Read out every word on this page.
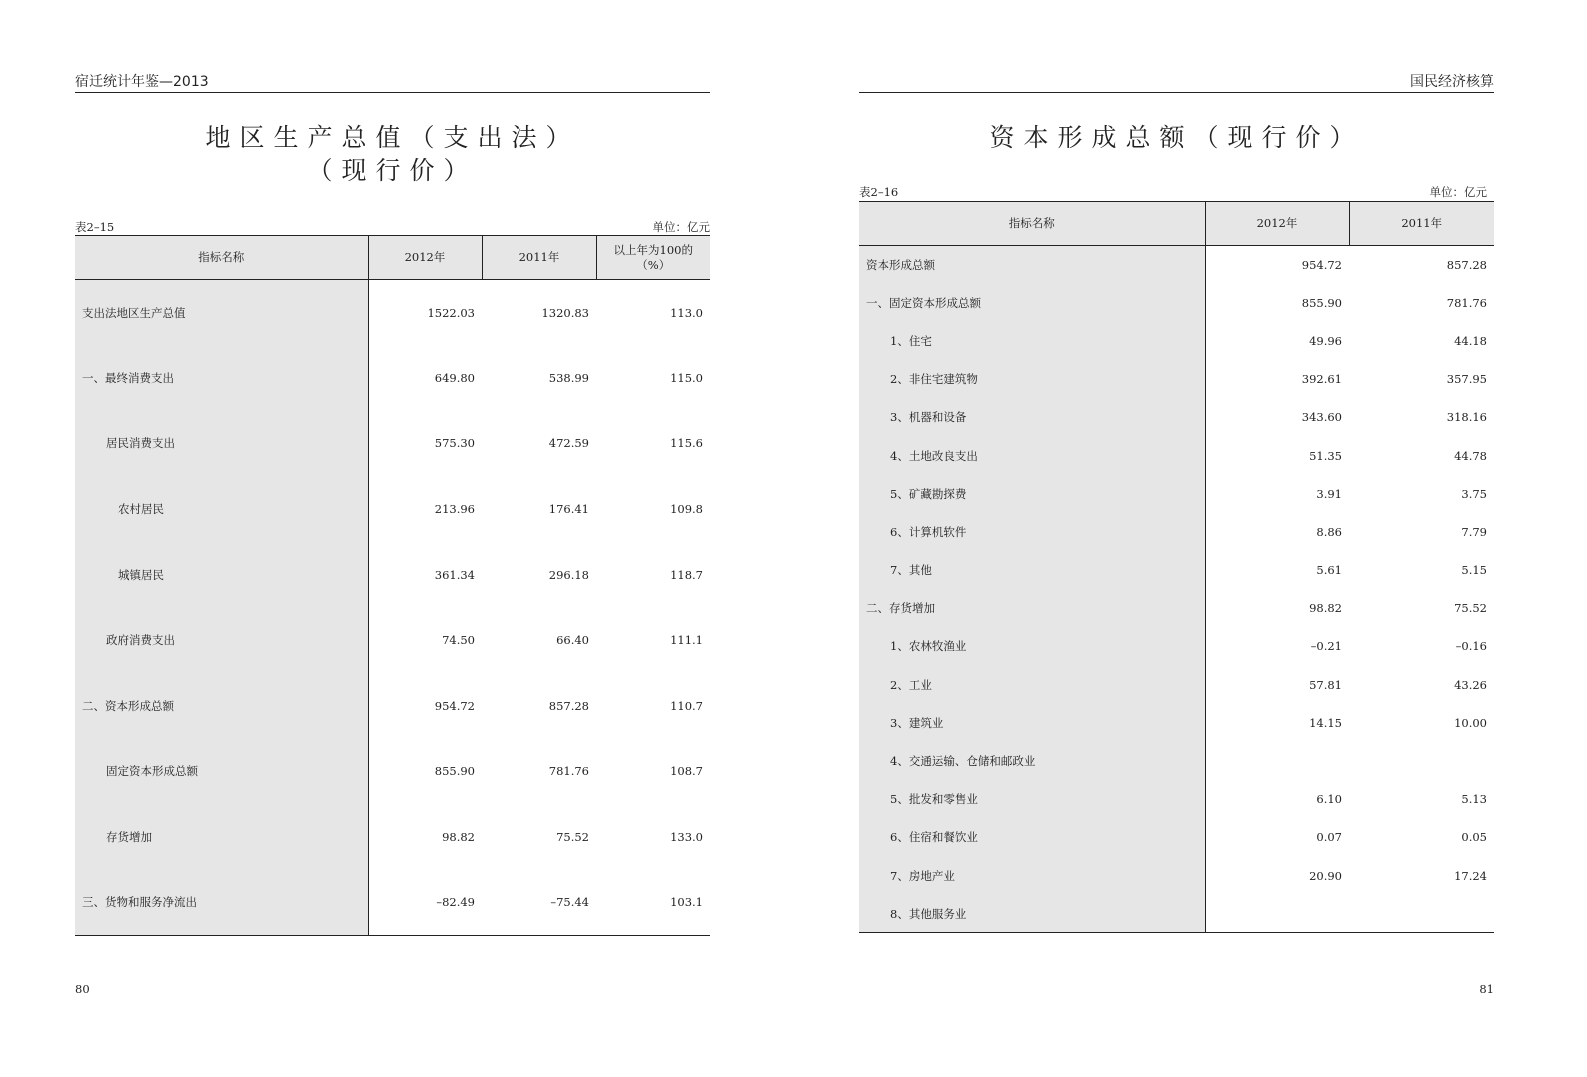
宿迁统计年鉴—2013
地区生产总值（支出法）
（现行价）
表2–15	单位：亿元
指标名称	2012年	2011年	以上年为100的（%）
支出法地区生产总值	1522.03	1320.83	113.0
一、最终消费支出	649.80	538.99	115.0
居民消费支出	575.30	472.59	115.6
农村居民	213.96	176.41	109.8
城镇居民	361.34	296.18	118.7
政府消费支出	74.50	66.40	111.1
二、资本形成总额	954.72	857.28	110.7
固定资本形成总额	855.90	781.76	108.7
存货增加	98.82	75.52	133.0
三、货物和服务净流出	–82.49	–75.44	103.1
80
国民经济核算
资本形成总额（现行价）
表2–16	单位：亿元
指标名称	2012年	2011年
资本形成总额	954.72	857.28
一、固定资本形成总额	855.90	781.76
1、住宅	49.96	44.18
2、非住宅建筑物	392.61	357.95
3、机器和设备	343.60	318.16
4、土地改良支出	51.35	44.78
5、矿藏勘探费	3.91	3.75
6、计算机软件	8.86	7.79
7、其他	5.61	5.15
二、存货增加	98.82	75.52
1、农林牧渔业	–0.21	–0.16
2、工业	57.81	43.26
3、建筑业	14.15	10.00
4、交通运输、仓储和邮政业		
5、批发和零售业	6.10	5.13
6、住宿和餐饮业	0.07	0.05
7、房地产业	20.90	17.24
8、其他服务业		
81
